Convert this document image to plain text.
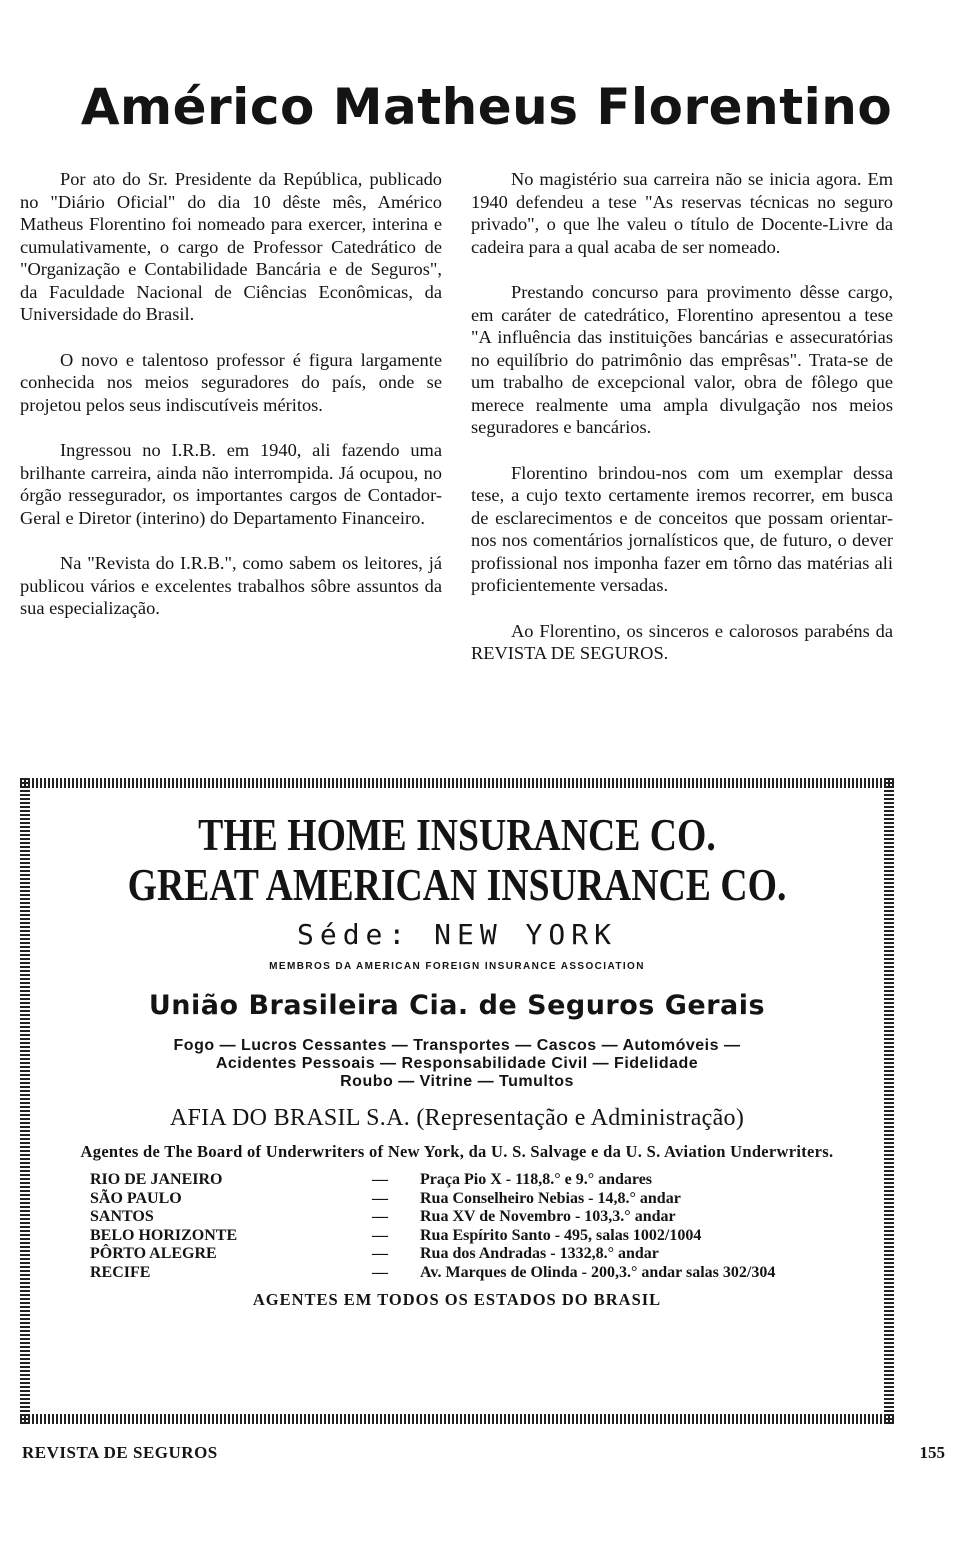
Américo Matheus Florentino

Por ato do Sr. Presidente da República, publicado no "Diário Oficial" do dia 10 dêste mês, Américo Matheus Florentino foi nomeado para exercer, interina e cumulativamente, o cargo de Professor Catedrático de "Organização e Contabilidade Bancária e de Seguros", da Faculdade Nacional de Ciências Econômicas, da Universidade do Brasil.

O novo e talentoso professor é figura largamente conhecida nos meios seguradores do país, onde se projetou pelos seus indiscutíveis méritos.

Ingressou no I.R.B. em 1940, ali fazendo uma brilhante carreira, ainda não interrompida. Já ocupou, no órgão ressegurador, os importantes cargos de Contador-Geral e Diretor (interino) do Departamento Financeiro.

Na "Revista do I.R.B.", como sabem os leitores, já publicou vários e excelentes trabalhos sôbre assuntos da sua especialização.

No magistério sua carreira não se inicia agora. Em 1940 defendeu a tese "As reservas técnicas no seguro privado", o que lhe valeu o título de Docente-Livre da cadeira para a qual acaba de ser nomeado.

Prestando concurso para provimento dêsse cargo, em caráter de catedrático, Florentino apresentou a tese "A influência das instituições bancárias e assecuratórias no equilíbrio do patrimônio das emprêsas". Trata-se de um trabalho de excepcional valor, obra de fôlego que merece realmente uma ampla divulgação nos meios seguradores e bancários.

Florentino brindou-nos com um exemplar dessa tese, a cujo texto certamente iremos recorrer, em busca de esclarecimentos e de conceitos que possam orientar-nos nos comentários jornalísticos que, de futuro, o dever profissional nos imponha fazer em tôrno das matérias ali proficientemente versadas.

Ao Florentino, os sinceros e calorosos parabéns da REVISTA DE SEGUROS.

THE HOME INSURANCE CO.
GREAT AMERICAN INSURANCE CO.
Séde: NEW YORK
MEMBROS DA AMERICAN FOREIGN INSURANCE ASSOCIATION
União Brasileira Cia. de Seguros Gerais
Fogo — Lucros Cessantes — Transportes — Cascos — Automóveis —
Acidentes Pessoais — Responsabilidade Civil — Fidelidade
Roubo — Vitrine — Tumultos
AFIA DO BRASIL S.A. (Representação e Administração)
Agentes de The Board of Underwriters of New York, da U. S. Salvage e da U. S. Aviation Underwriters.
RIO DE JANEIRO	—	Praça Pio X - 118,8.° e 9.° andares
SÃO PAULO	—	Rua Conselheiro Nebias - 14,8.° andar
SANTOS	—	Rua XV de Novembro - 103,3.° andar
BELO HORIZONTE	—	Rua Espírito Santo - 495, salas 1002/1004
PÔRTO ALEGRE	—	Rua dos Andradas - 1332,8.° andar
RECIFE	—	Av. Marques de Olinda - 200,3.° andar salas 302/304
AGENTES EM TODOS OS ESTADOS DO BRASIL
REVISTA DE SEGUROS	155
